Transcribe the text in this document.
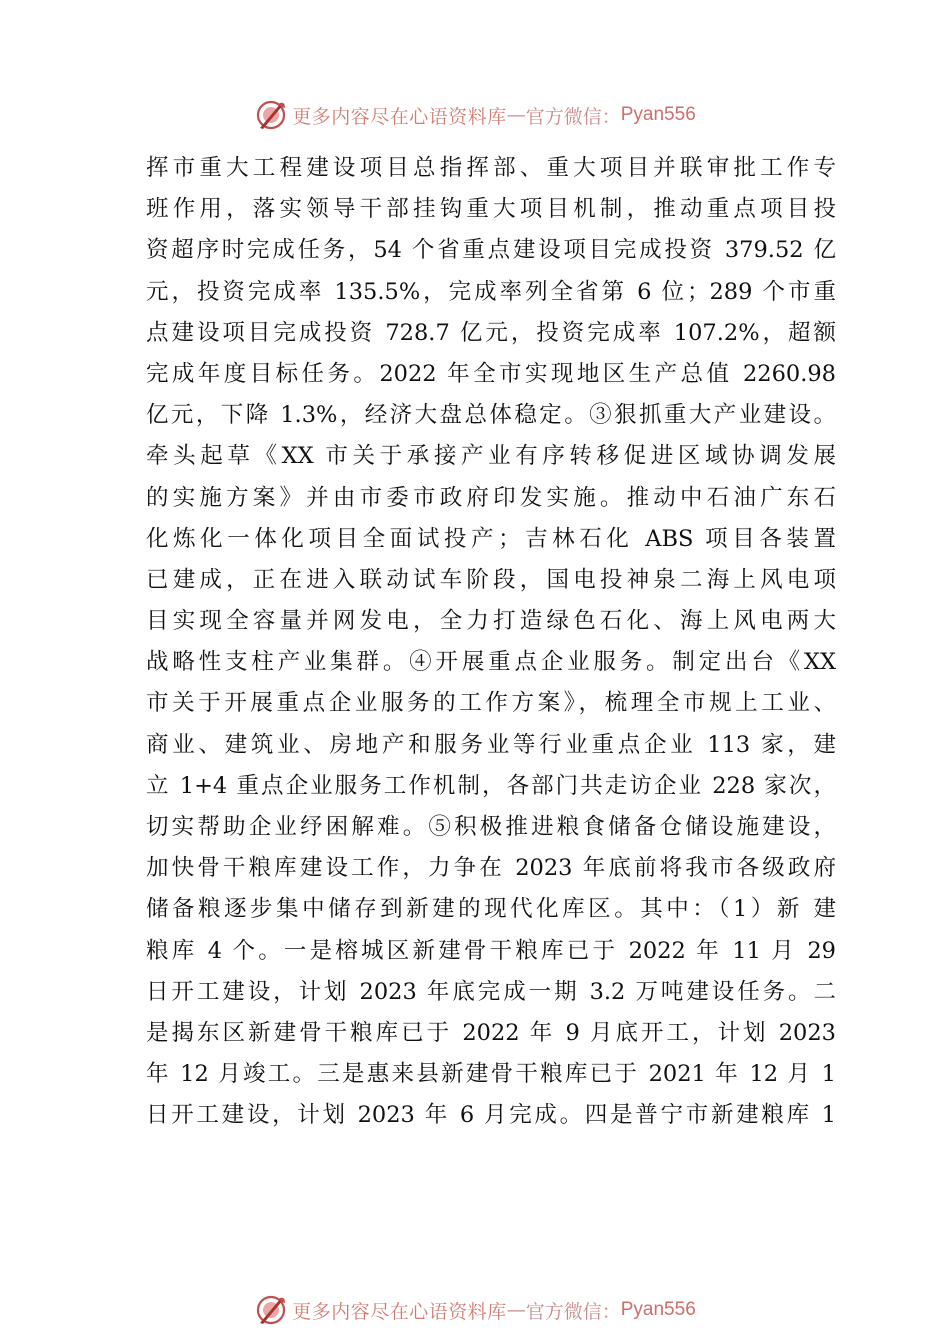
更多内容尽在心语资料库 — 官方微信： Pyan556
挥市重大工程建设项目总指挥部、重大项目并联审批工作专
班作用，落实领导干部挂钩重大项目机制，推动重点项目投
资超序时完成任务，54 个省重点建设项目完成投资 379.52 亿
元，投资完成率 135.5%，完成率列全省第 6 位；289 个市重
点建设项目完成投资 728.7 亿元，投资完成率 107.2%，超额
完成年度目标任务。2022 年全市实现地区生产总值 2260.98
亿元，下降 1.3%，经济大盘总体稳定。③狠抓重大产业建设。
牵头起草《XX 市关于承接产业有序转移促进区域协调发展
的实施方案》并由市委市政府印发实施。推动中石油广东石
化炼化一体化项目全面试投产；吉林石化 ABS 项目各装置
已建成，正在进入联动试车阶段，国电投神泉二海上风电项
目实现全容量并网发电，全力打造绿色石化、海上风电两大
战略性支柱产业集群。④开展重点企业服务。制定出台《XX
市关于开展重点企业服务的工作方案》，梳理全市规上工业、
商业、建筑业、房地产和服务业等行业重点企业 113 家，建
立 1+4 重点企业服务工作机制，各部门共走访企业 228 家次，
切实帮助企业纾困解难。⑤积极推进粮食储备仓储设施建设，
加快骨干粮库建设工作，力争在 2023 年底前将我市各级政府
储备粮逐步集中储存到新建的现代化库区。其中：（1）新 建
粮库 4 个。一是榕城区新建骨干粮库已于 2022 年 11 月 29
日开工建设，计划 2023 年底完成一期 3.2 万吨建设任务。二
是揭东区新建骨干粮库已于 2022 年 9 月底开工，计划 2023
年 12 月竣工。三是惠来县新建骨干粮库已于 2021 年 12 月 1
日开工建设，计划 2023 年 6 月完成。四是普宁市新建粮库 1
更多内容尽在心语资料库 — 官方微信： Pyan556
